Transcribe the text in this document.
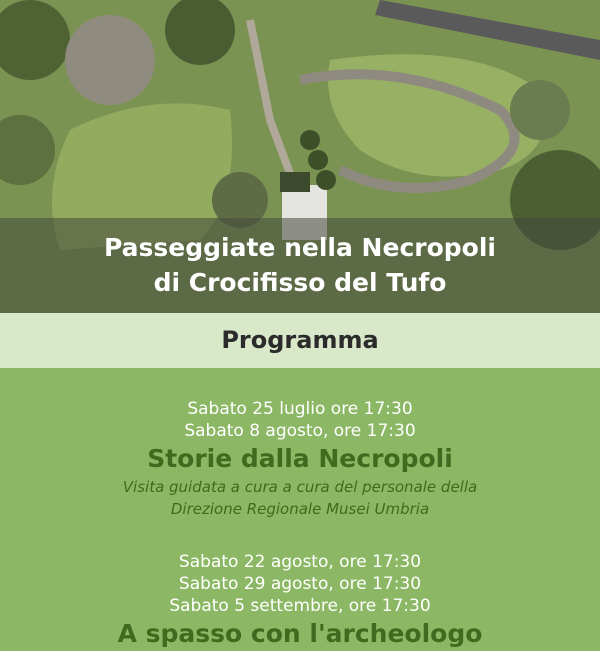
Passeggiate nella Necropoli
di Crocifisso del Tufo
Programma
Sabato 25 luglio ore 17:30
Sabato 8 agosto, ore 17:30
Storie dalla Necropoli
Visita guidata a cura a cura del personale della
Direzione Regionale Musei Umbria
Sabato 22 agosto, ore 17:30
Sabato 29 agosto, ore 17:30
Sabato 5 settembre, ore 17:30
A spasso con l'archeologo
